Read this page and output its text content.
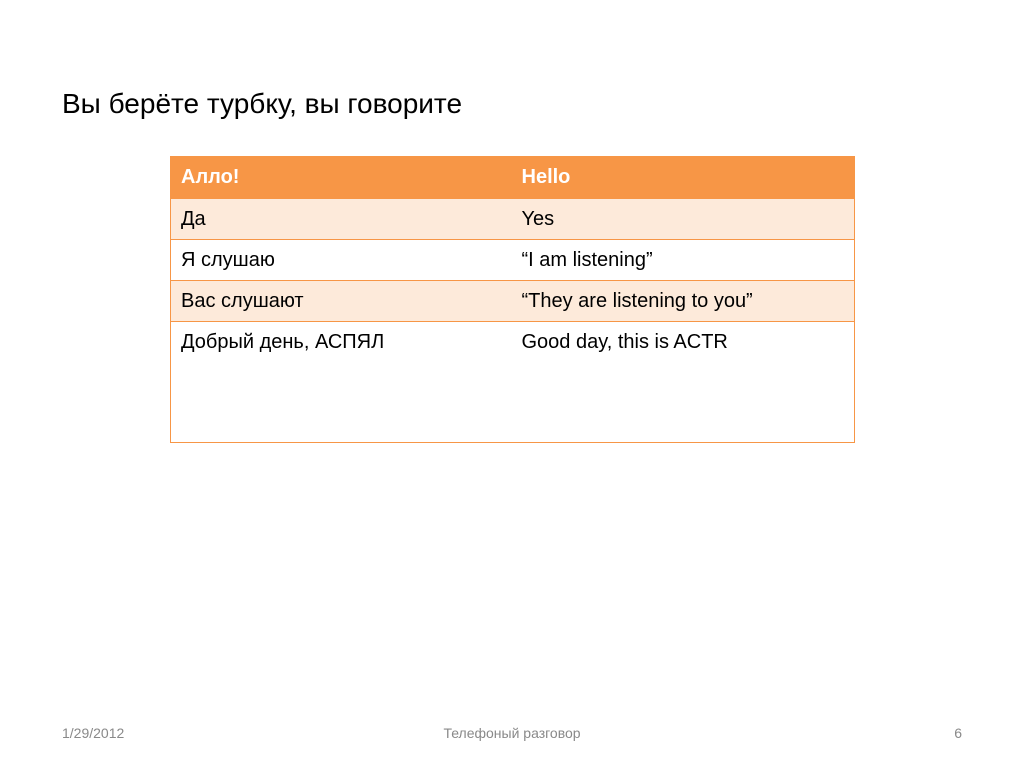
Вы берёте турбку, вы говорите
Алло!	Hello
Да	Yes
Я слушаю	“I am listening”
Вас слушают	“They are listening to you”
Добрый день, АСПЯЛ	Good day, this is ACTR
1/29/2012	Телефоный разговор	6
